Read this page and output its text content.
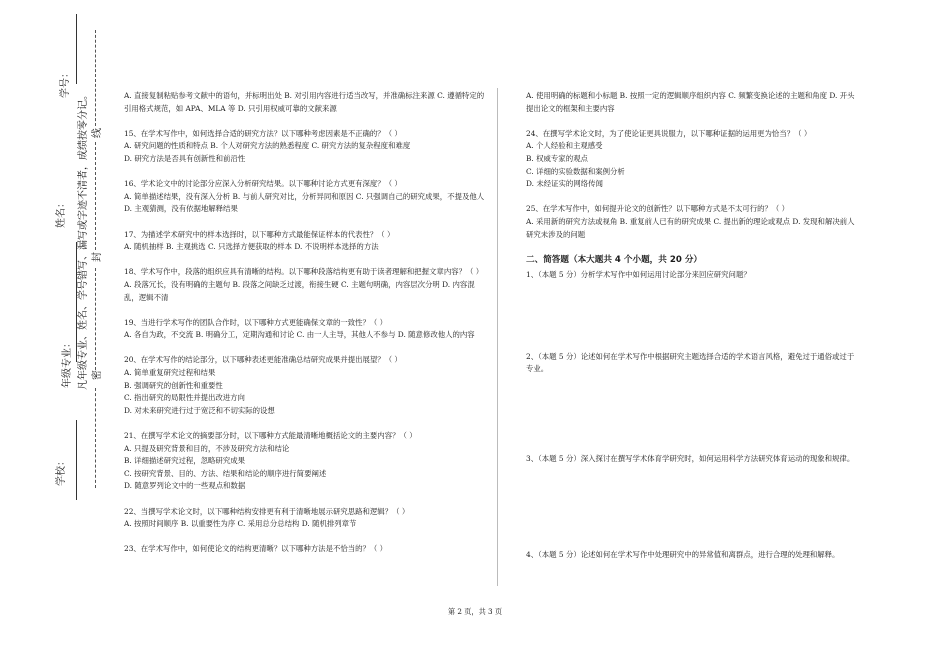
学校：
年级专业：
姓名：
学号：
凡年级专业、姓名、学号错写、漏写或字迹不清者，成绩按零分记。 密
封
线
A. 直接复制粘贴参考文献中的语句，并标明出处 B. 对引用内容进行适当改写，并准确标注来源 C. 遵循特定的引用格式规范，如 APA、MLA 等 D. 只引用权威可靠的文献来源
15、在学术写作中，如何选择合适的研究方法？以下哪种考虑因素是不正确的？（ ）
A. 研究问题的性质和特点 B. 个人对研究方法的熟悉程度 C. 研究方法的复杂程度和难度
D. 研究方法是否具有创新性和前沿性
16、学术论文中的讨论部分应深入分析研究结果。以下哪种讨论方式更有深度？（ ）
A. 简单描述结果，没有深入分析 B. 与前人研究对比，分析异同和原因 C. 只强调自己的研究成果，不提及他人 D. 主观猜测，没有依据地解释结果
17、为描述学术研究中的样本选择时，以下哪种方式最能保证样本的代表性？（ ）
A. 随机抽样 B. 主观挑选 C. 只选择方便获取的样本 D. 不说明样本选择的方法
18、学术写作中，段落的组织应具有清晰的结构。以下哪种段落结构更有助于读者理解和把握文章内容？（ ）
A. 段落冗长，没有明确的主题句 B. 段落之间缺乏过渡，衔接生硬 C. 主题句明确，内容层次分明 D. 内容混乱，逻辑不清
19、当进行学术写作的团队合作时，以下哪种方式更能确保文章的一致性？（ ）
A. 各自为政，不交流 B. 明确分工，定期沟通和讨论 C. 由一人主导，其他人不参与 D. 随意修改他人的内容
20、在学术写作的结论部分，以下哪种表述更能准确总结研究成果并提出展望？（ ）
A. 简单重复研究过程和结果
B. 强调研究的创新性和重要性
C. 指出研究的局限性并提出改进方向
D. 对未来研究进行过于宽泛和不切实际的设想
21、在撰写学术论文的摘要部分时，以下哪种方式能最清晰地概括论文的主要内容？（ ）
A. 只提及研究背景和目的，不涉及研究方法和结论
B. 详细描述研究过程，忽略研究成果
C. 按研究背景、目的、方法、结果和结论的顺序进行简要阐述
D. 随意罗列论文中的一些观点和数据
22、当撰写学术论文时，以下哪种结构安排更有利于清晰地展示研究思路和逻辑？（ ）
A. 按照时间顺序 B. 以重要性为序 C. 采用总分总结构 D. 随机排列章节
23、在学术写作中，如何使论文的结构更清晰？以下哪种方法是不恰当的？（ ）
A. 使用明确的标题和小标题 B. 按照一定的逻辑顺序组织内容 C. 频繁变换论述的主题和角度 D. 开头提出论文的框架和主要内容
24、在撰写学术论文时，为了使论证更具说服力，以下哪种证据的运用更为恰当？（ ）
A. 个人经验和主观感受
B. 权威专家的观点
C. 详细的实验数据和案例分析
D. 未经证实的网络传闻
25、在学术写作中，如何提升论文的创新性？以下哪种方式是不太可行的？（ ）
A. 采用新的研究方法或视角 B. 重复前人已有的研究成果 C. 提出新的理论或观点 D. 发现和解决前人研究未涉及的问题
二、简答题（本大题共 4 个小题，共 20 分）
1、（本题 5 分）分析学术写作中如何运用讨论部分来回应研究问题？
2、（本题 5 分）论述如何在学术写作中根据研究主题选择合适的学术语言风格，避免过于通俗或过于专业。
3、（本题 5 分）深入探讨在撰写学术体育学研究时，如何运用科学方法研究体育运动的现象和规律。
4、（本题 5 分）论述如何在学术写作中处理研究中的异常值和离群点，进行合理的处理和解释。
第 2 页，共 3 页
